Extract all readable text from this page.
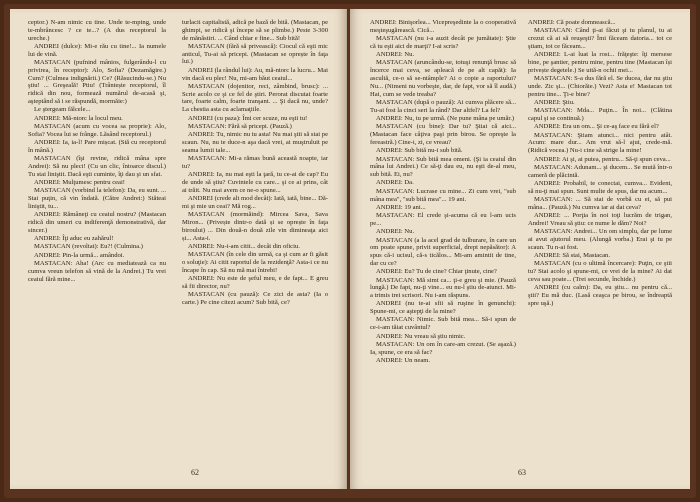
ceptor.) N-am nimic cu tine. Unde te-mping, unde te-mbrâncesc ? ce te...? (A dus receptorul la ureche.)

ANDREI (dulce): Mi-e rău cu tine!... Ia numele lui de vină.

MASTACAN (pufnind mânios, fulgerându-l cu privirea, în receptor): Alo, Sofia? (Dezamăgire.) Cum? (Culmea indignării.) Ce? (Răsucindu-se.) Nu ştiu! ... Greşeală! Ptiu! (Trântește receptorul, îl ridică din nou, formează numărul de-acasă şi, aşteptând să i se răspundă, mormăie:)

Le ştergeam fălcele...

ANDREI: Mă-ntorc la locul meu.

MASTACAN (acum cu vocea sa proprie): Alo, Sofia? Vocea lui se frânge. Lăsând receptorul.)

ANDREI: Ia, ia-l! Pare mișcat. (Stă cu receptorul în mână.)

MASTACAN (îşi revine, ridică mâna spre Andrei): Să nu pleci! (Cu un clic, întoarce discul.) Tu stai liniştit. Dacă eşti cuminte, îţi dau şi un sfat.

ANDREI: Mulţumesc pentru ceai!

MASTACAN (vorbind la telefon): Da, eu sunt. ... Stai puţin, că vin îndată. (Către Andrei:) Stăteai liniştit, tu...

ANDREI: Rămâneţi cu ceaiul nostru? (Mastacan ridică din umeri cu indiferenţă demonstrativă, dar sincer.)

ANDREI: Îţi aduc eu zahărul!

MASTACAN (revoltat): Eu?! (Culmina.)

ANDREI: Pin-la urmă... amândoi.

MASTACAN: Aha! (Arc cu mediatează ca nu cumva vreun telefon să vină de la Andrei.) Tu vrei ceaiul fără mine...

turlacii capitalistă, adică pe bază de bită. (Mastacan, pe ghimpi, se ridică şi începe să se plimbe.) Peste 3-300 de mănăstiri. ... Când chiar e fine... Sub bită!

MASTACAN (fără să privească): Ciocul că eşti mic anticul, Tu-ai să pricepi. (Mastacan se oprește în faţa lui.)

ANDREI (la rândul lui): Au, mă-ntorc la lucru... Mai vin dacă eu plec! Nu, mi-am băut ceaiul...

MASTACAN (dojenitor, reci, zâmbind, brusc): ... Scrie acolo ce şi ce fel de ştiri. Perorat discutat foarte tare, foarte calm, foarte tranşant. ... Şi dacă nu, unde? La chestia asta cu aclamaţiile.

ANDREI (cu paza): Îmi cer scuze, nu eşti tu!

MASTACAN: Fără să pricepi. (Pauză.)

ANDREI: Tu, nimic nu tu asta! Nu mai ştii să stai pe scaun. Nu, nu te duce-n aşa dacă vrei, ai muştruluit pe seama lumii tale...

MASTACAN: Mi-a rămas bună această noapte, iar tu?

ANDREI: Ia, nu mai eşti la ţară, tu ce-ai de cap? Eu de unde să ştiu? Cuvintele cu care... şi ce ai prins, cât ai trăit. Nu mai avem ce ne-o spune...

ANDREI (crede alt mod decât): Iată, iată, bine... Dă-mi şi mie un ceai? Mă rog...

MASTACAN (mormăind): Mircea Sava, Sava Miron... (Privește dintr-o dată și se oprește în faţa biroului) ... Din două-n două zile vin dimineaţa aici și... Asta-i.

ANDREI: Nu-i-am citit... decât din oficiu.

MASTACAN (în cele din urmă, ca şi cum ar fi găsit o soluţie): Ai citit raportul de la rezidenţă? Asta-i ce nu încape în cap. Să nu mă mai întrebi!

ANDREI: Nu este de şeful meu, e de fapt... E greu să fii director, nu?

MASTACAN (cu pauză): Ce zici de asta? (Ia o carte.) Pe cine citezi acum? Sub bită, ce?

62

ANDREI: Binişorlea... Vicepreşedinte la o cooperativă meşteşugărească. Cică...

MASTACAN (nu i-a auzit decât pe jumătate): Ştie că tu eşti aici de marţi? I-ai scris?

ANDREI: Nu.

MASTACAN (aruncându-se, totuşi renunţă brusc să încerce mai ceva, se apleacă de pe alt capăt): Ia ascultă, ce-o să se-ntâmple? Ai o copie a raportului? Nu... (Nimeni nu vorbeşte, dar, de fapt, vor să îl audă.) Hai, cum se vede treaba?

MASTACAN (după o pauză): Ai cumva plăcere să... Tu-ai fost la cinci seri la rând? Dar altfel? La fel?

ANDREI: Nu, tu pe urmă. (Ne pune mâna pe umăr.)

MASTACAN (cu bine): Dar tu? Ştiai că aici... (Mastacan face câţiva paşi prin birou. Se opreşte la fereastră.) Cine-i, zi, ce vreau?

ANDREI: Sub bită nu-i sub bită.

MASTACAN: Sub bită mea omeni. (Şi ia ceaiul din mâna lui Andrei.) Ce să-ţi dau eu, nu eşti de-al meu, sub bită. Ei, nu?

ANDREI: Da.

MASTACAN: Lucrase cu mine... Zi cum vrei, "sub mâna mea", "sub bită mea"... 19 ani.

ANDREI: 19 ani...

MASTACAN: El crede şi-acuma că eu l-am ucis pe...

ANDREI: Nu.

MASTACAN (a la acel grad de tulburare, în care un om poate spune, privit superficial, drept nepăsător): A spus că-i ucisul, că-s ticălos... Mi-am amintit de tine, dar cu ce?

ANDREI: Eu? Tu de cine? Chiar ţinute, cine?

MASTACAN: Mă simt ca... ţi-e greu şi mie. (Pauză lungă.) De fapt, nu-ţi vine... eu nu-l ştiu de-atunci. Mi-a trimis trei scrisori. Nu i-am răspuns.

ANDREI (nu te-ai sfii să ruşine în genunchi): Spune-mi, ce aştepţi de la mine?

MASTACAN: Nimic. Sub bită mea... Să-i spun de ce-i-am tăiat cuvântul?

ANDREI: Nu vreau să ştiu nimic.

MASTACAN: Un om în care-am crezut. (Se aşază.) Ia, spune, ce era să fac?

ANDREI: Un neam.

ANDREI: Că poate domnească...

MASTACAN: Când ţi-ai făcut şi tu planul, tu ai crezut că ai să reuşeşti? Îmi făceam datoria... tot ce ştiam, tot ce făceam...

ANDREI: L-ai luat la rost... frăţeşte: îţi mersese bine, pe şantier, pentru mine, pentru tine (Mastacan își privește degetele.) Se uită-n ochii mei...

MASTACAN: S-a dus fără el. Se ducea, dar nu ştiu unde. Zic şi... (Chiorăie.) Vezi? Asta e! Mastacan tot pentru tine... Ţi-e bine?

ANDREI: Ştiu.

MASTACAN: Mda... Puţin... În noi... (Clătina capul şi se continuă.)

ANDREI: Era un om... Şi ce-aş face eu fără el?

MASTACAN: Ştiam atunci... nici pentru atât. Acum: mare dur... Am vrut să-l ajut, crede-mă. (Ridică vocea.) Nu-i cine să strige la mine!

ANDREI: Ai şi, ai putea, pentru... Să-ţi spun ceva...

MASTACAN: Adunam... şi ducem... Se mută într-o cameră de plăcintă.

ANDREI: Probabil, te conectai, cumva... Evident, să nu-ţi mai spun. Sunt multe de spus, dar nu acum...

MASTACAN: ... Să stai de vorbă cu ei, să pui mâna... (Pauză.) Nu cumva iar ai dat ceva?

ANDREI: ... Porţia în noi toţi lucrăm de trigan, Andrei! Vreau să ştiu: ce nume le dăm? Noi?

MASTACAN: Andrei... Un om simplu, dar pe lume ai avut ajutorul meu. (Alungă vorba.) Erai şi tu pe scaun. Tu n-ai fost.

ANDREI: Să stai, Mastacan.

MASTACAN (cu o ultimă încercare): Puţin, ce ştii tu? Stai acolo şi spune-mi, ce vrei de la mine? Ai dat ceva sau poate... (Trei secunde, închide.)

ANDREI (cu calm): Da, eu ştiu... nu pentru că... ştii? Eu mă duc. (Lasă ceaşca pe birou, se îndreaptă spre uşă.)

63
